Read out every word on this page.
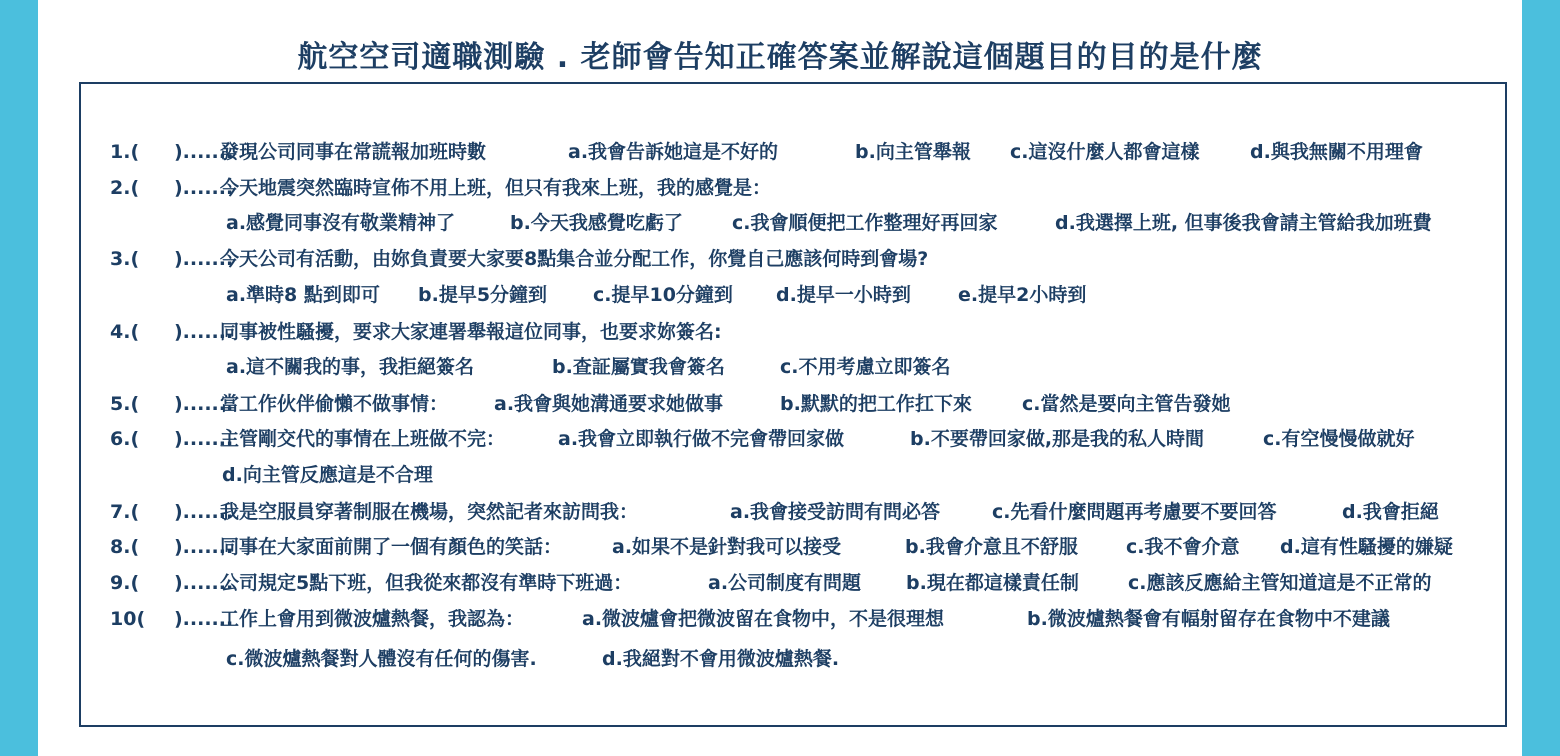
航空空司適職測驗 . 老師會告知正確答案並解說這個題目的目的是什麼
1.( ).......
發現公司同事在常謊報加班時數	a.我會告訴她這是不好的	b.向主管舉報 c.這沒什麼人都會這樣	d.與我無關不用理會
2.( ).......
今天地震突然臨時宣佈不用上班，但只有我來上班，我的感覺是：
a.感覺同事沒有敬業精神了	b.今天我感覺吃虧了	c.我會順便把工作整理好再回家	d.我選擇上班, 但事後我會請主管給我加班費
3.( ).......
今天公司有活動，由妳負責要大家要8點集合並分配工作，你覺自己應該何時到會場?
a.準時8 點到即可 b.提早5分鐘到 c.提早10分鐘到 d.提早一小時到 e.提早2小時到
4.( ).......
同事被性騷擾，要求大家連署舉報這位同事，也要求妳簽名:
a.這不關我的事，我拒絕簽名	b.查証屬實我會簽名	c.不用考慮立即簽名
5.( ).......
當工作伙伴偷懶不做事情： a.我會與她溝通要求她做事	b.默默的把工作扛下來	c.當然是要向主管告發她
6.( ).......
主管剛交代的事情在上班做不完：	a.我會立即執行做不完會帶回家做	b.不要帶回家做,那是我的私人時間	c.有空慢慢做就好
d.向主管反應這是不合理
7.( ).......
我是空服員穿著制服在機場，突然記者來訪問我：	a.我會接受訪問有問必答	c.先看什麼問題再考慮要不要回答	d.我會拒絕
8.( ).......
同事在大家面前開了一個有顏色的笑話：	a.如果不是針對我可以接受	b.我會介意且不舒服	c.我不會介意 d.這有性騷擾的嫌疑
9.( ).......
公司規定5點下班，但我從來都沒有準時下班過：	a.公司制度有問題 b.現在都這樣責任制	c.應該反應給主管知道這是不正常的
10( ).......
工作上會用到微波爐熱餐，我認為：	a.微波爐會把微波留在食物中，不是很理想	b.微波爐熱餐會有幅射留存在食物中不建議
c.微波爐熱餐對人體沒有任何的傷害.	d.我絕對不會用微波爐熱餐.
